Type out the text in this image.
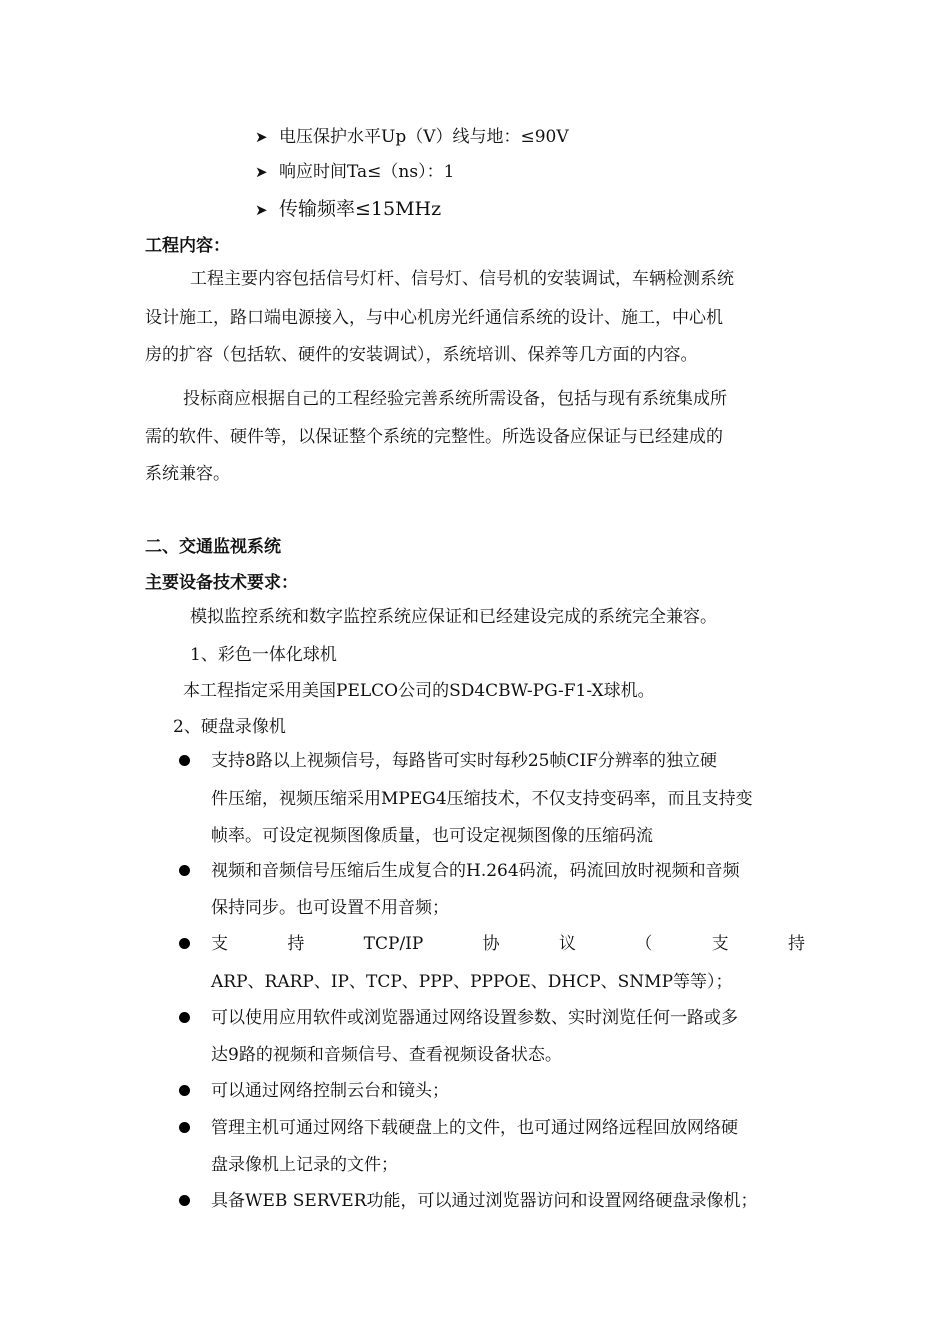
➤ 电压保护水平Up（V）线与地：≤90V
➤ 响应时间Ta≤（ns）：1
➤ 传输频率≤15MHz
工程内容：
工程主要内容包括信号灯杆、信号灯、信号机的安装调试，车辆检测系统
设计施工，路口端电源接入，与中心机房光纤通信系统的设计、施工，中心机
房的扩容（包括软、硬件的安装调试），系统培训、保养等几方面的内容。
投标商应根据自己的工程经验完善系统所需设备，包括与现有系统集成所
需的软件、硬件等，以保证整个系统的完整性。所选设备应保证与已经建成的
系统兼容。
二、交通监视系统
主要设备技术要求：
模拟监控系统和数字监控系统应保证和已经建设完成的系统完全兼容。
1、彩色一体化球机
本工程指定采用美国PELCO公司的SD4CBW-PG-F1-X球机。
2、硬盘录像机
支持8路以上视频信号，每路皆可实时每秒25帧CIF分辨率的独立硬
件压缩，视频压缩采用MPEG4压缩技术，不仅支持变码率，而且支持变
帧率。可设定视频图像质量，也可设定视频图像的压缩码流
视频和音频信号压缩后生成复合的H.264码流，码流回放时视频和音频
保持同步。也可设置不用音频；
支	持	TCP/IP	协	议	（	支	持
ARP、RARP、IP、TCP、PPP、PPPOE、DHCP、SNMP等等）；
可以使用应用软件或浏览器通过网络设置参数、实时浏览任何一路或多
达9路的视频和音频信号、查看视频设备状态。
可以通过网络控制云台和镜头；
管理主机可通过网络下载硬盘上的文件，也可通过网络远程回放网络硬
盘录像机上记录的文件；
具备WEB SERVER功能，可以通过浏览器访问和设置网络硬盘录像机；
